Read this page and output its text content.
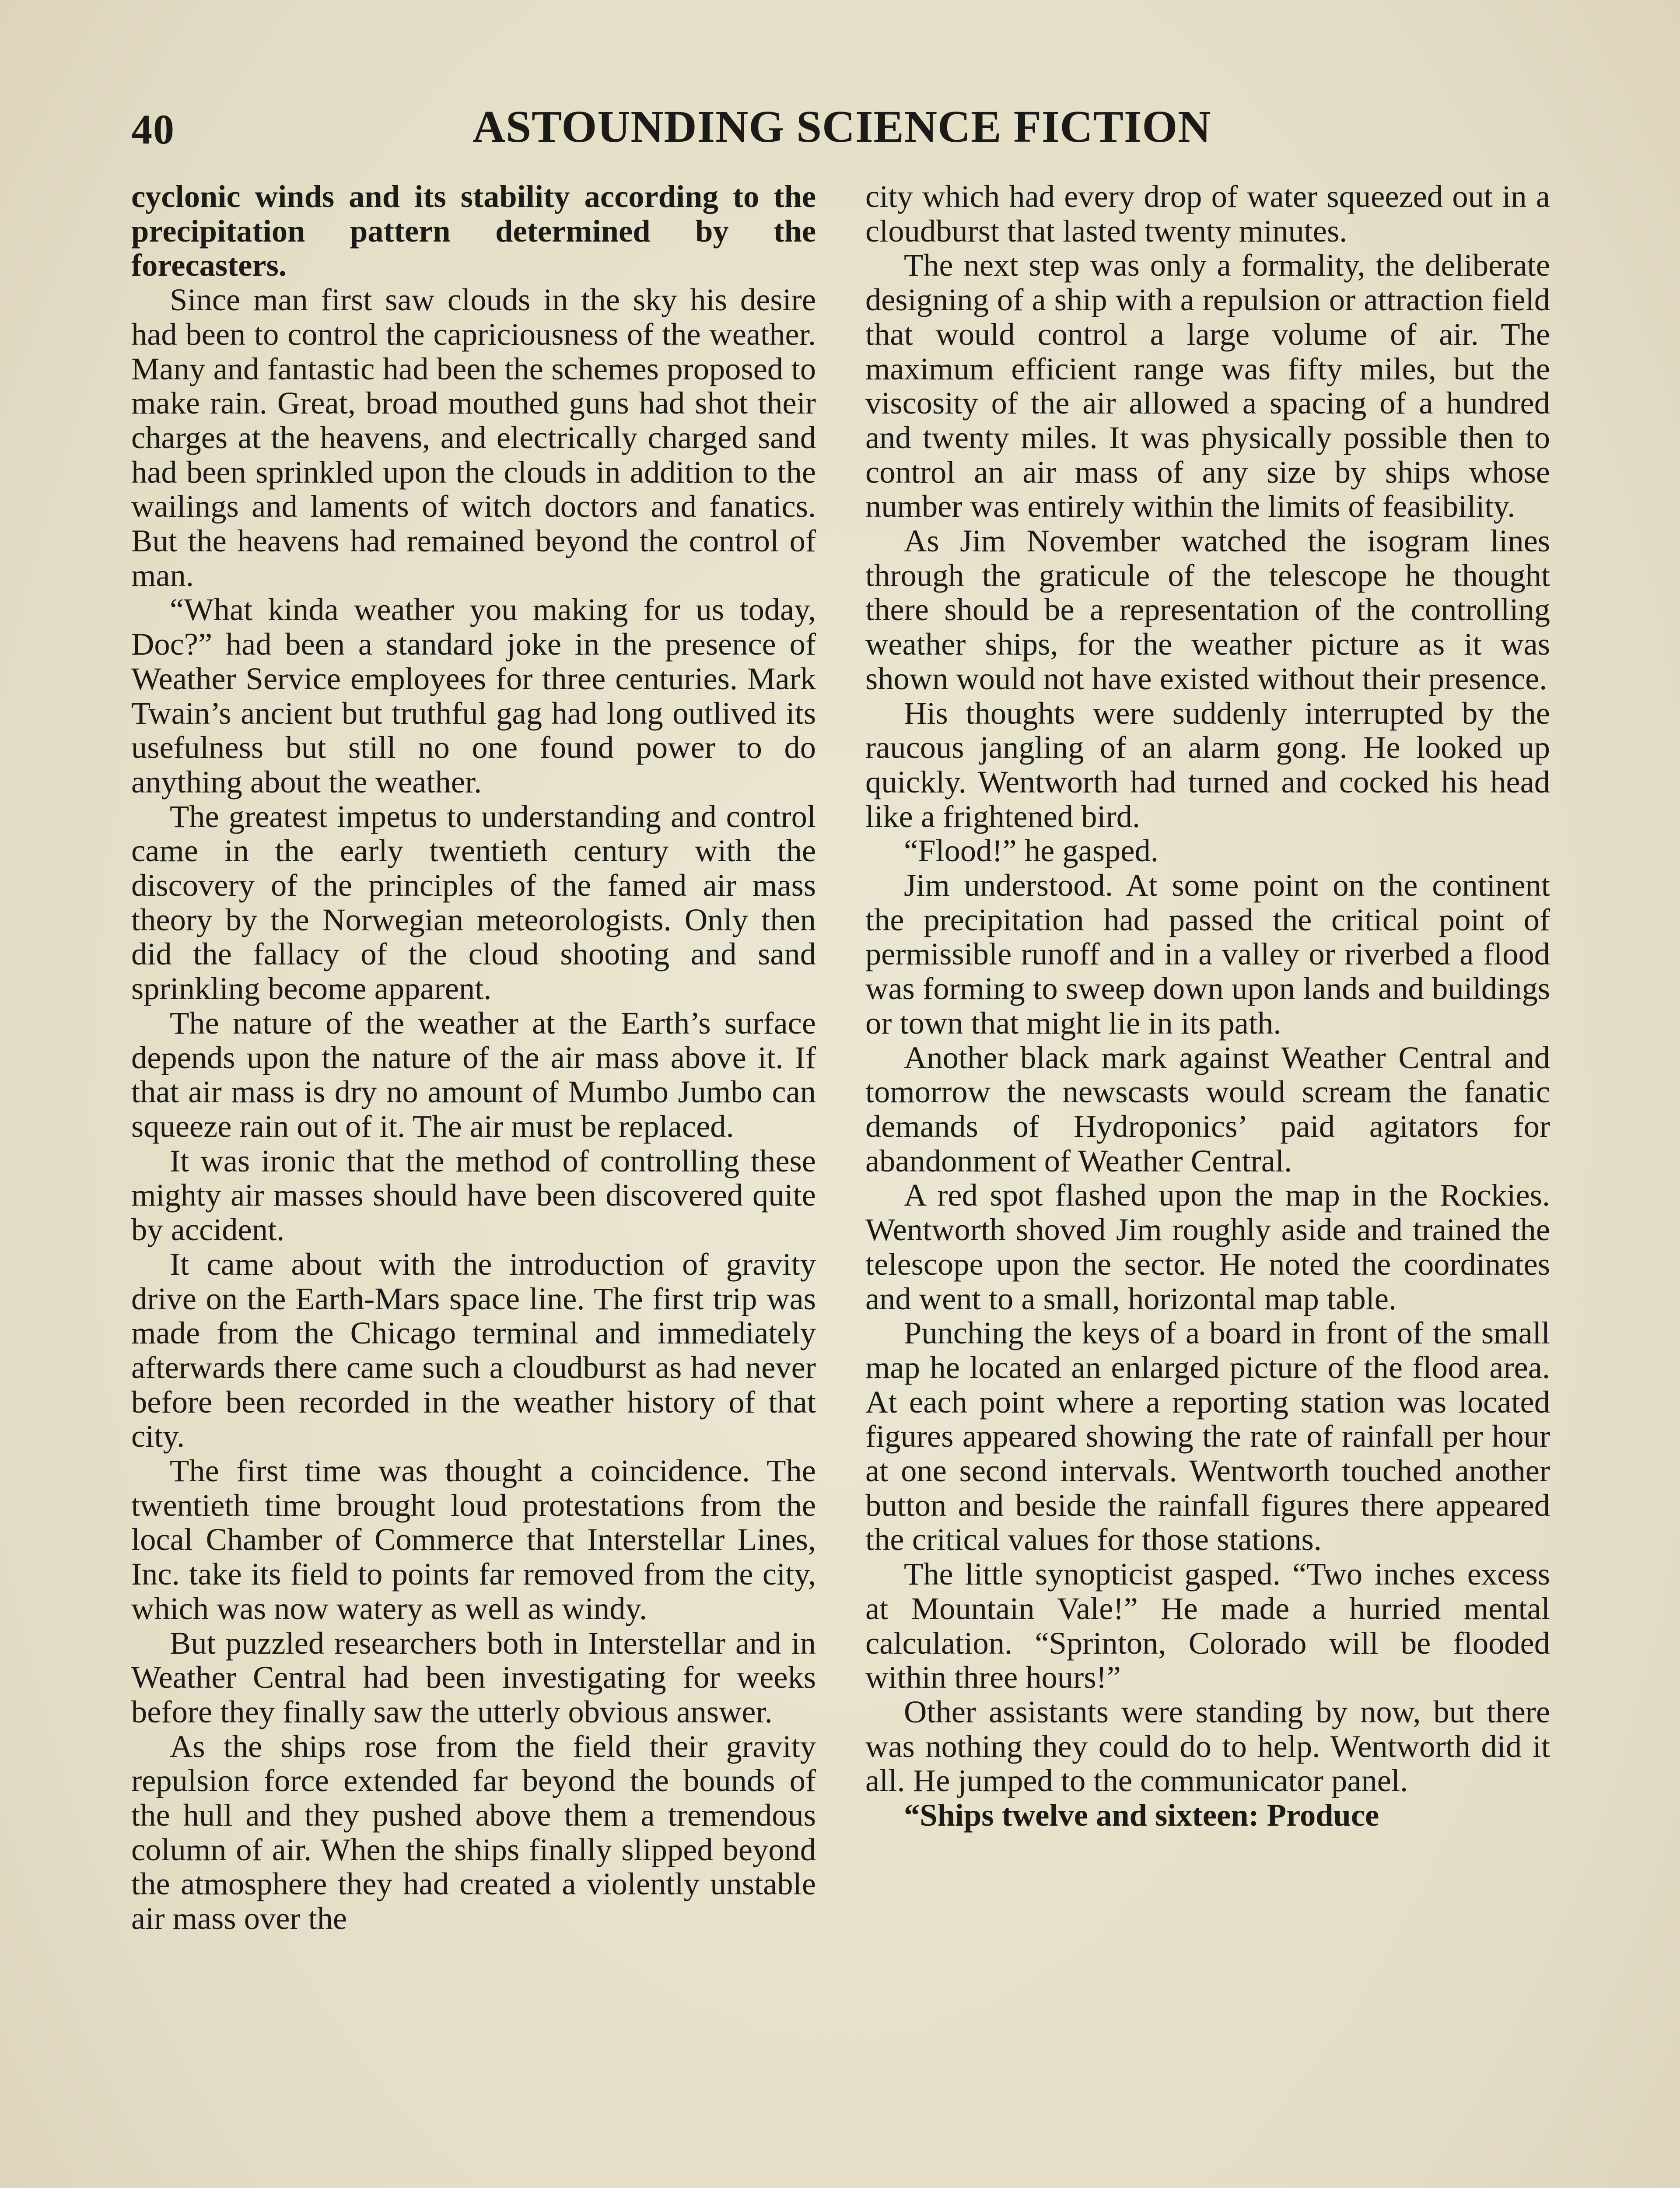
40	ASTOUNDING SCIENCE FICTION

cyclonic winds and its stability according to the precipitation pattern determined by the forecasters.

Since man first saw clouds in the sky his desire had been to control the capriciousness of the weather. Many and fantastic had been the schemes proposed to make rain. Great, broad mouthed guns had shot their charges at the heavens, and electrically charged sand had been sprinkled upon the clouds in addition to the wailings and laments of witch doctors and fanatics. But the heavens had remained beyond the control of man.

“What kinda weather you making for us today, Doc?” had been a standard joke in the presence of Weather Service employees for three centuries. Mark Twain’s ancient but truthful gag had long outlived its usefulness but still no one found power to do anything about the weather.

The greatest impetus to understanding and control came in the early twentieth century with the discovery of the principles of the famed air mass theory by the Norwegian meteorologists. Only then did the fallacy of the cloud shooting and sand sprinkling become apparent.

The nature of the weather at the Earth’s surface depends upon the nature of the air mass above it. If that air mass is dry no amount of Mumbo Jumbo can squeeze rain out of it. The air must be replaced.

It was ironic that the method of controlling these mighty air masses should have been discovered quite by accident.

It came about with the introduction of gravity drive on the Earth-Mars space line. The first trip was made from the Chicago terminal and immediately afterwards there came such a cloudburst as had never before been recorded in the weather history of that city.

The first time was thought a coincidence. The twentieth time brought loud protestations from the local Chamber of Commerce that Interstellar Lines, Inc. take its field to points far removed from the city, which was now watery as well as windy.

But puzzled researchers both in Interstellar and in Weather Central had been investigating for weeks before they finally saw the utterly obvious answer.

As the ships rose from the field their gravity repulsion force extended far beyond the bounds of the hull and they pushed above them a tremendous column of air. When the ships finally slipped beyond the atmosphere they had created a violently unstable air mass over the

city which had every drop of water squeezed out in a cloudburst that lasted twenty minutes.

The next step was only a formality, the deliberate designing of a ship with a repulsion or attraction field that would control a large volume of air. The maximum efficient range was fifty miles, but the viscosity of the air allowed a spacing of a hundred and twenty miles. It was physically possible then to control an air mass of any size by ships whose number was entirely within the limits of feasibility.

As Jim November watched the isogram lines through the graticule of the telescope he thought there should be a representation of the controlling weather ships, for the weather picture as it was shown would not have existed without their presence.

His thoughts were suddenly interrupted by the raucous jangling of an alarm gong. He looked up quickly. Wentworth had turned and cocked his head like a frightened bird.

“Flood!” he gasped.

Jim understood. At some point on the continent the precipitation had passed the critical point of permissible runoff and in a valley or riverbed a flood was forming to sweep down upon lands and buildings or town that might lie in its path.

Another black mark against Weather Central and tomorrow the newscasts would scream the fanatic demands of Hydroponics’ paid agitators for abandonment of Weather Central.

A red spot flashed upon the map in the Rockies. Wentworth shoved Jim roughly aside and trained the telescope upon the sector. He noted the coordinates and went to a small, horizontal map table.

Punching the keys of a board in front of the small map he located an enlarged picture of the flood area. At each point where a reporting station was located figures appeared showing the rate of rainfall per hour at one second intervals. Wentworth touched another button and beside the rainfall figures there appeared the critical values for those stations.

The little synopticist gasped. “Two inches excess at Mountain Vale!” He made a hurried mental calculation. “Sprinton, Colorado will be flooded within three hours!”

Other assistants were standing by now, but there was nothing they could do to help. Wentworth did it all. He jumped to the communicator panel.

“Ships twelve and sixteen: Produce
